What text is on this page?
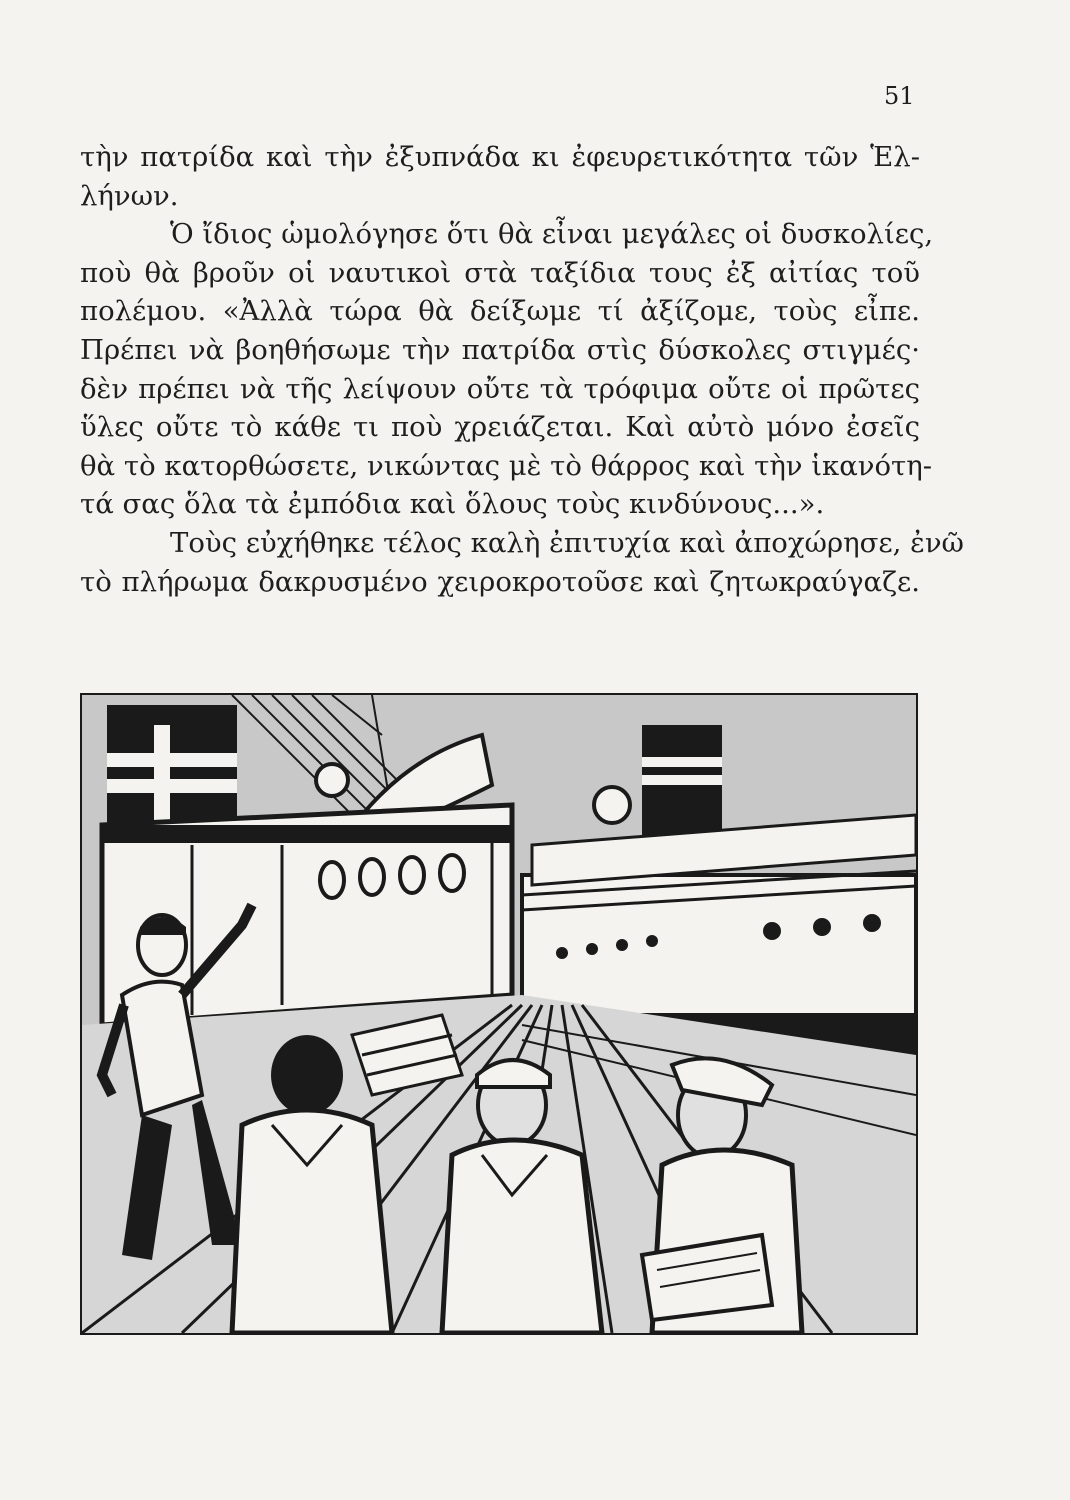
51
τὴν πατρίδα καὶ τὴν ἐξυπνάδα κι ἐφευρετικότητα τῶν Ἑλ-
λήνων.
Ὁ ἴδιος ὡμολόγησε ὅτι θὰ εἶναι μεγάλες οἱ δυσκολίες,
ποὺ θὰ βροῦν οἱ ναυτικοὶ στὰ ταξίδια τους ἐξ αἰτίας τοῦ
πολέμου. «Ἀλλὰ τώρα θὰ δείξωμε τί ἀξίζομε, τοὺς εἶπε.
Πρέπει νὰ βοηθήσωμε τὴν πατρίδα στὶς δύσκολες στιγμές·
δὲν πρέπει νὰ τῆς λείψουν οὔτε τὰ τρόφιμα οὔτε οἱ πρῶτες
ὕλες οὔτε τὸ κάθε τι ποὺ χρειάζεται. Καὶ αὐτὸ μόνο ἐσεῖς
θὰ τὸ κατορθώσετε, νικώντας μὲ τὸ θάρρος καὶ τὴν ἱκανότη-
τά σας ὅλα τὰ ἐμπόδια καὶ ὅλους τοὺς κινδύνους...».
Τοὺς εὐχήθηκε τέλος καλὴ ἐπιτυχία καὶ ἀποχώρησε, ἐνῶ
τὸ πλήρωμα δακρυσμένο χειροκροτοῦσε καὶ ζητωκραύγαζε.
